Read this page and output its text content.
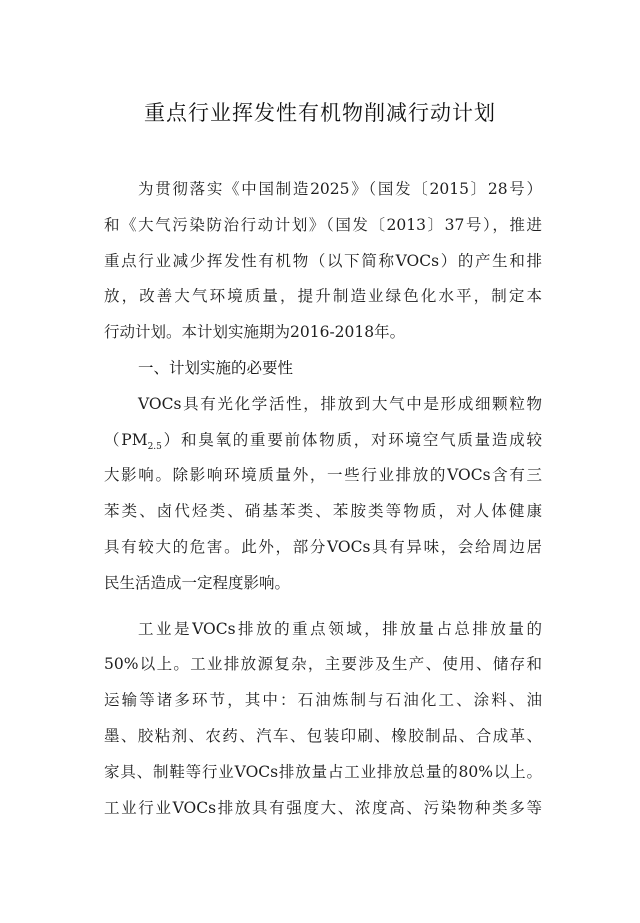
重点行业挥发性有机物削减行动计划
为贯彻落实《中国制造2025》（国发〔2015〕28号）
和《大气污染防治行动计划》（国发〔2013〕37号），推进
重点行业减少挥发性有机物（以下简称VOCs）的产生和排
放，改善大气环境质量，提升制造业绿色化水平，制定本
行动计划。本计划实施期为2016-2018年。
一、计划实施的必要性
VOCs具有光化学活性，排放到大气中是形成细颗粒物
$(PM_{2.5})$和臭氧的重要前体物质，对环境空气质量造成较
大影响。除影响环境质量外，一些行业排放的VOCs含有三
苯类、卤代烃类、硝基苯类、苯胺类等物质，对人体健康
具有较大的危害。此外，部分VOCs具有异味，会给周边居
民生活造成一定程度影响。
工业是VOCs排放的重点领域，排放量占总排放量的
50%以上。工业排放源复杂，主要涉及生产、使用、储存和
运输等诸多环节，其中：石油炼制与石油化工、涂料、油
墨、胶粘剂、农药、汽车、包装印刷、橡胶制品、合成革、
家具、制鞋等行业VOCs排放量占工业排放总量的80%以上。
工业行业VOCs排放具有强度大、浓度高、污染物种类多等
